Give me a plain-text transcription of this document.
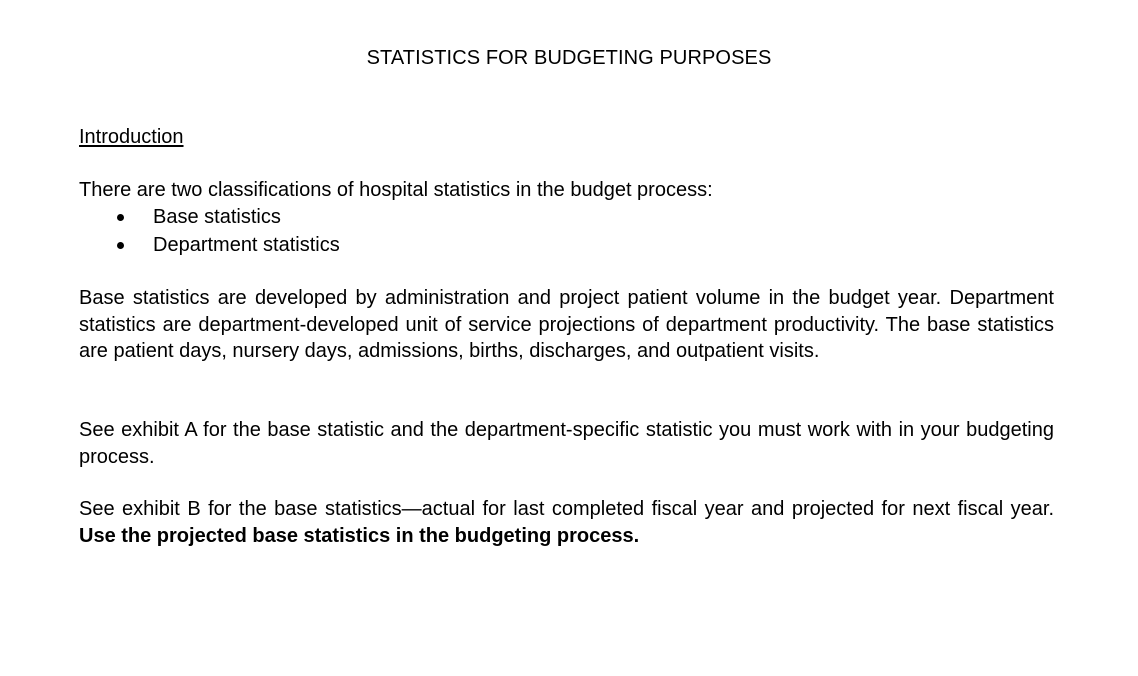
STATISTICS FOR BUDGETING PURPOSES
Introduction

There are two classifications of hospital statistics in the budget process:

Base statistics
Department statistics

Base statistics are developed by administration and project patient volume in the budget year. Department statistics are department-developed unit of service projections of department productivity. The base statistics are patient days, nursery days, admissions, births, discharges, and outpatient visits.

See exhibit A for the base statistic and the department-specific statistic you must work with in your budgeting process.

See exhibit B for the base statistics—actual for last completed fiscal year and projected for next fiscal year. Use the projected base statistics in the budgeting process.
